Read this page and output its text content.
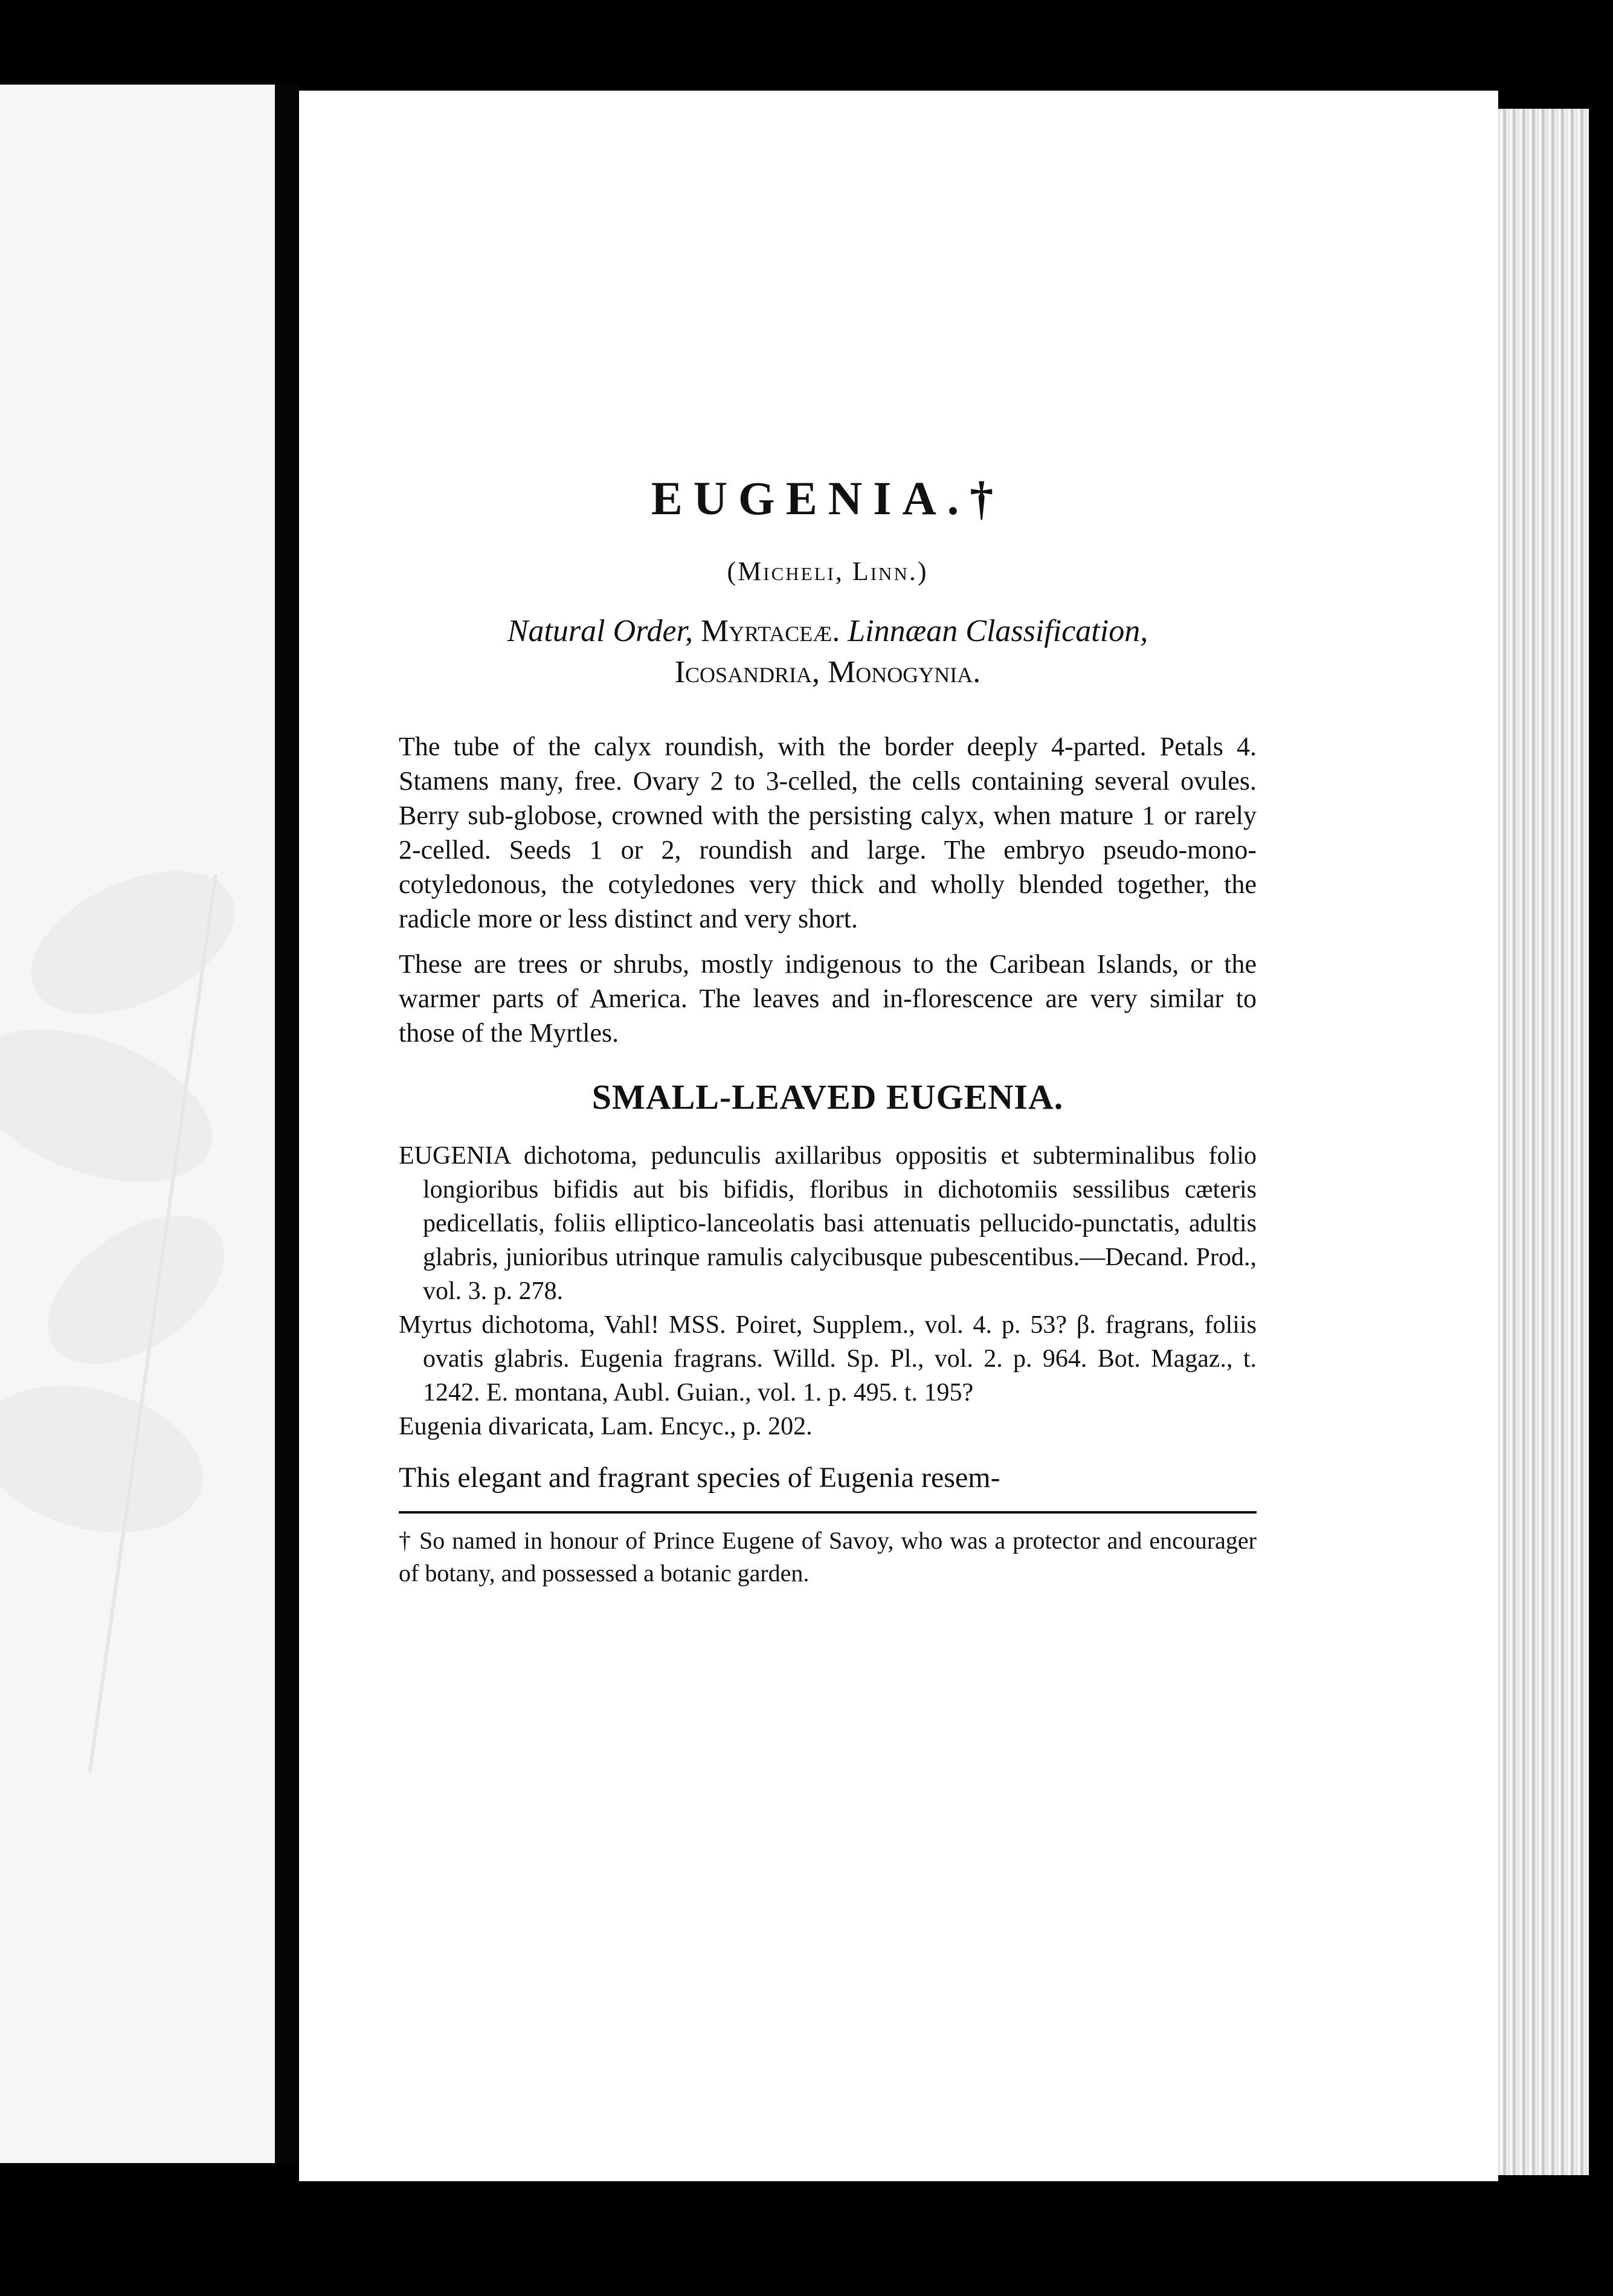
EUGENIA.†
(Micheli, Linn.)
Natural Order, Myrtaceæ. Linnæan Classification,
Icosandria, Monogynia.

The tube of the calyx roundish, with the border deeply 4-parted. Petals 4. Stamens many, free. Ovary 2 to 3-celled, the cells containing several ovules. Berry sub-globose, crowned with the persisting calyx, when mature 1 or rarely 2-celled. Seeds 1 or 2, roundish and large. The embryo pseudo-mono-cotyledonous, the cotyledones very thick and wholly blended together, the radicle more or less distinct and very short.

These are trees or shrubs, mostly indigenous to the Caribean Islands, or the warmer parts of America. The leaves and in-florescence are very similar to those of the Myrtles.

SMALL-LEAVED EUGENIA.
EUGENIA dichotoma, pedunculis axillaribus oppositis et subterminalibus folio longioribus bifidis aut bis bifidis, floribus in dichotomiis sessilibus cæteris pedicellatis, foliis elliptico-lanceolatis basi attenuatis pellucido-punctatis, adultis glabris, junioribus utrinque ramulis calycibusque pubescentibus.—Decand. Prod., vol. 3. p. 278.
Myrtus dichotoma, Vahl! MSS. Poiret, Supplem., vol. 4. p. 53? β. fragrans, foliis ovatis glabris. Eugenia fragrans. Willd. Sp. Pl., vol. 2. p. 964. Bot. Magaz., t. 1242. E. montana, Aubl. Guian., vol. 1. p. 495. t. 195?
Eugenia divaricata, Lam. Encyc., p. 202.
This elegant and fragrant species of Eugenia resem-
† So named in honour of Prince Eugene of Savoy, who was a protector and encourager of botany, and possessed a botanic garden.
